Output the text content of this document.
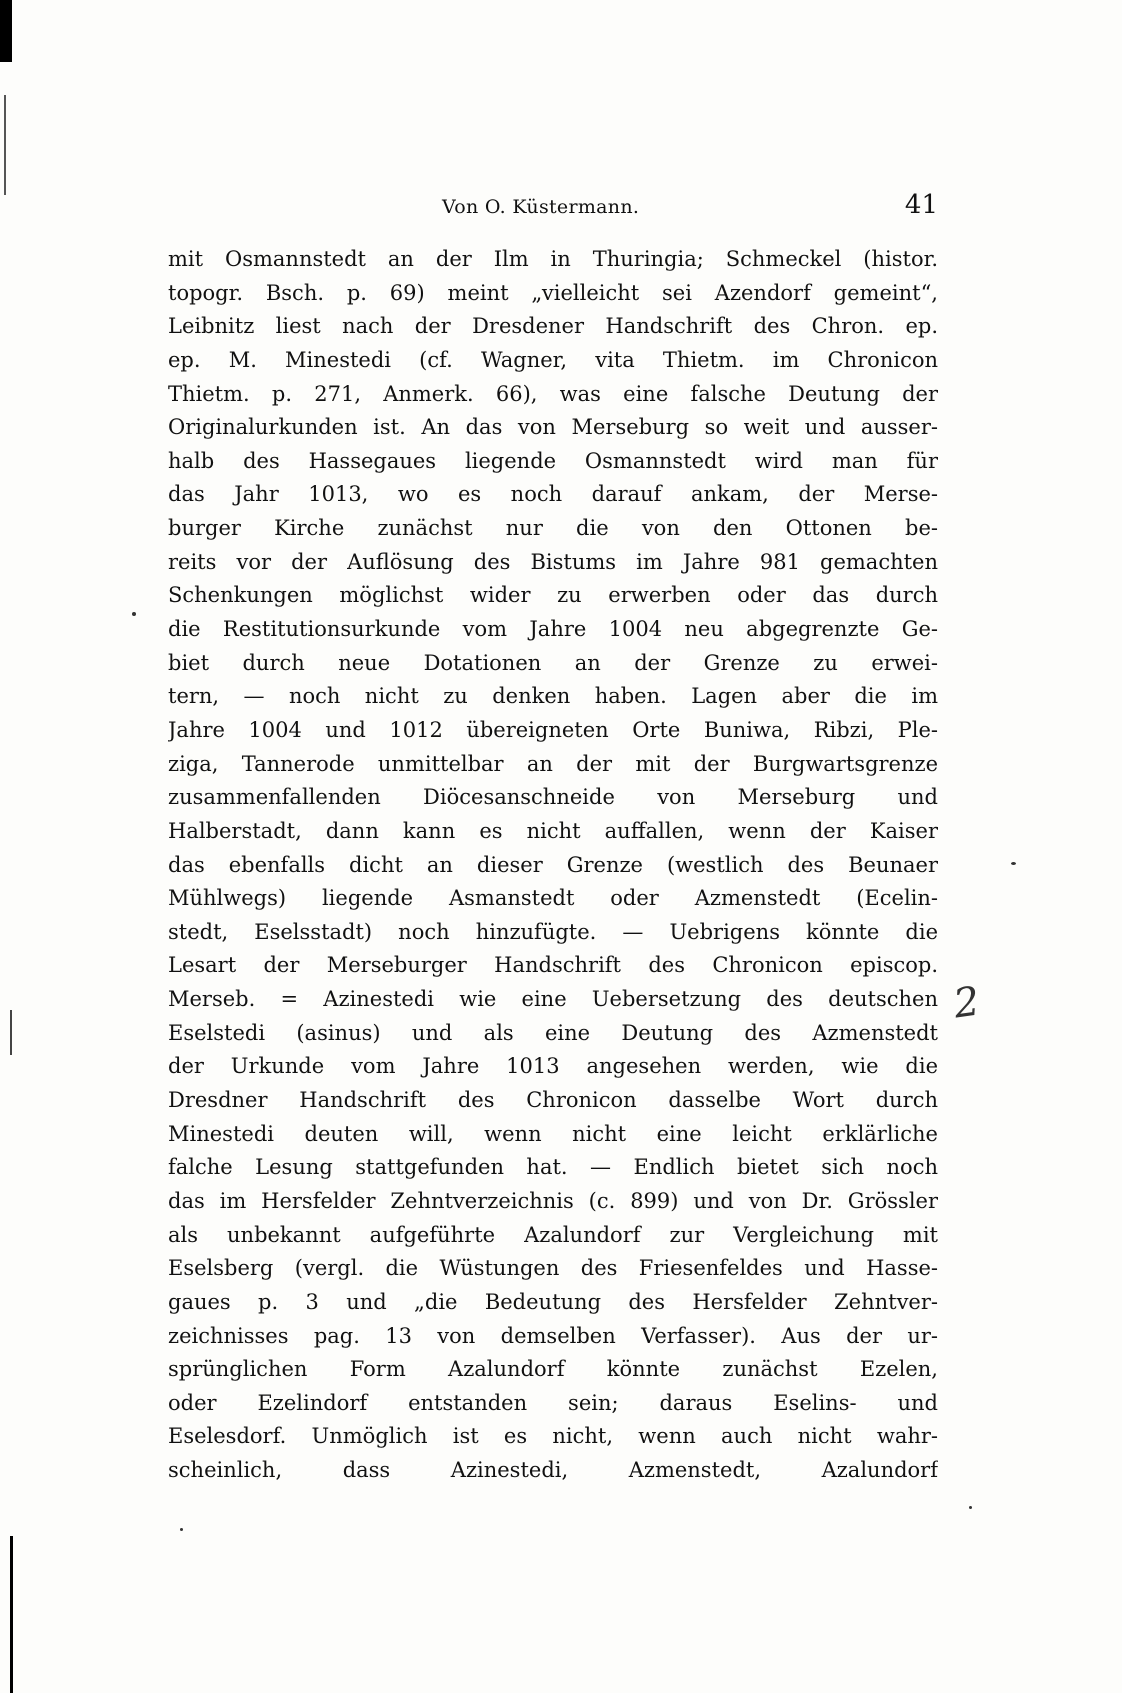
Von O. Küstermann.	41
mit Osmannstedt an der Ilm in Thuringia; Schmeckel (histor.
topogr. Bsch. p. 69) meint „vielleicht sei Azendorf gemeint“,
Leibnitz liest nach der Dresdener Handschrift des Chron. ep.
ep. M. Minestedi (cf. Wagner, vita Thietm. im Chronicon
Thietm. p. 271, Anmerk. 66), was eine falsche Deutung der
Originalurkunden ist. An das von Merseburg so weit und ausser-
halb des Hassegaues liegende Osmannstedt wird man für
das Jahr 1013, wo es noch darauf ankam, der Merse-
burger Kirche zunächst nur die von den Ottonen be-
reits vor der Auflösung des Bistums im Jahre 981 gemachten
Schenkungen möglichst wider zu erwerben oder das durch
die Restitutionsurkunde vom Jahre 1004 neu abgegrenzte Ge-
biet durch neue Dotationen an der Grenze zu erwei-
tern, — noch nicht zu denken haben. Lagen aber die im
Jahre 1004 und 1012 übereigneten Orte Buniwa, Ribzi, Ple-
ziga, Tannerode unmittelbar an der mit der Burgwartsgrenze
zusammenfallenden Diöcesanschneide von Merseburg und
Halberstadt, dann kann es nicht auffallen, wenn der Kaiser
das ebenfalls dicht an dieser Grenze (westlich des Beunaer
Mühlwegs) liegende Asmanstedt oder Azmenstedt (Ecelin-
stedt, Eselsstadt) noch hinzufügte. — Uebrigens könnte die
Lesart der Merseburger Handschrift des Chronicon episcop.
Merseb. = Azinestedi wie eine Uebersetzung des deutschen
Eselstedi (asinus) und als eine Deutung des Azmenstedt
der Urkunde vom Jahre 1013 angesehen werden, wie die
Dresdner Handschrift des Chronicon dasselbe Wort durch
Minestedi deuten will, wenn nicht eine leicht erklärliche
falche Lesung stattgefunden hat. — Endlich bietet sich noch
das im Hersfelder Zehntverzeichnis (c. 899) und von Dr. Grössler
als unbekannt aufgeführte Azalundorf zur Vergleichung mit
Eselsberg (vergl. die Wüstungen des Friesenfeldes und Hasse-
gaues p. 3 und „die Bedeutung des Hersfelder Zehntver-
zeichnisses pag. 13 von demselben Verfasser). Aus der ur-
sprünglichen Form Azalundorf könnte zunächst Ezelen,
oder Ezelindorf entstanden sein; daraus Eselins- und
Eselesdorf. Unmöglich ist es nicht, wenn auch nicht wahr-
scheinlich, dass Azinestedi, Azmenstedt, Azalundorf
2
